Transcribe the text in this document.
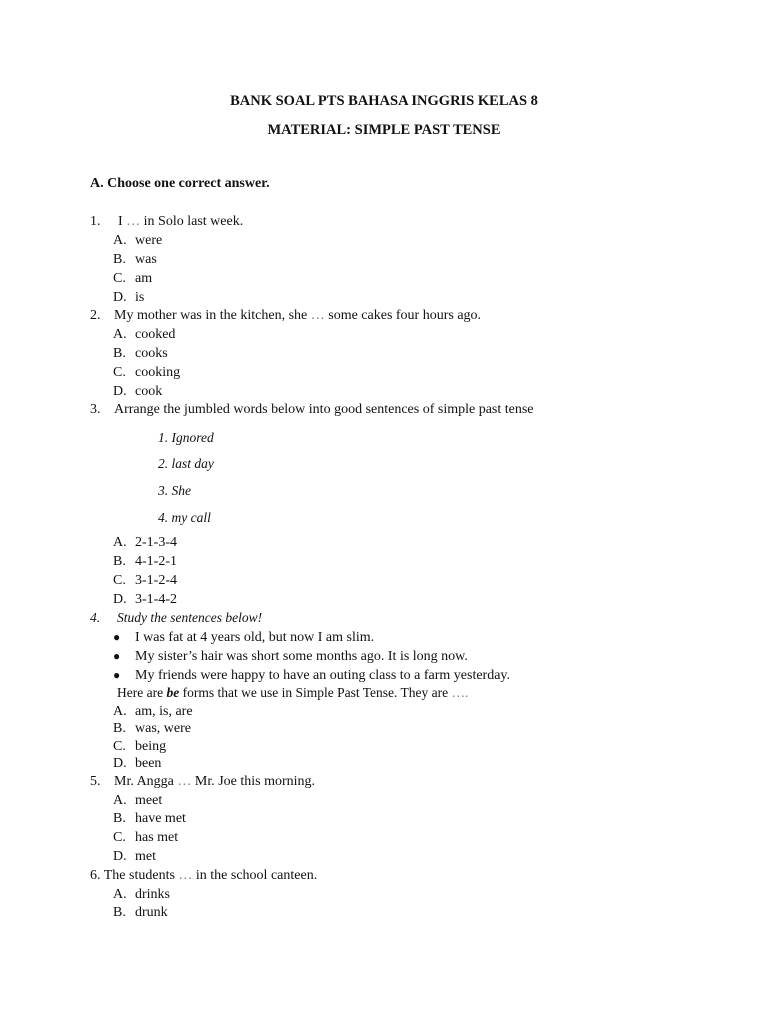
BANK SOAL PTS BAHASA INGGRIS KELAS 8
MATERIAL: SIMPLE PAST TENSE
A. Choose one correct answer.
1. I … in Solo last week.
A. were
B. was
C. am
D. is
2. My mother was in the kitchen, she … some cakes four hours ago.
A. cooked
B. cooks
C. cooking
D. cook
3. Arrange the jumbled words below into good sentences of simple past tense
1. Ignored
2. last day
3. She
4. my call
A. 2-1-3-4
B. 4-1-2-1
C. 3-1-2-4
D. 3-1-4-2
4. Study the sentences below!
● I was fat at 4 years old, but now I am slim.
● My sister’s hair was short some months ago. It is long now.
● My friends were happy to have an outing class to a farm yesterday.
Here are be forms that we use in Simple Past Tense. They are ….
A. am, is, are
B. was, were
C. being
D. been
5. Mr. Angga … Mr. Joe this morning.
A. meet
B. have met
C. has met
D. met
6. The students … in the school canteen.
A. drinks
B. drunk
